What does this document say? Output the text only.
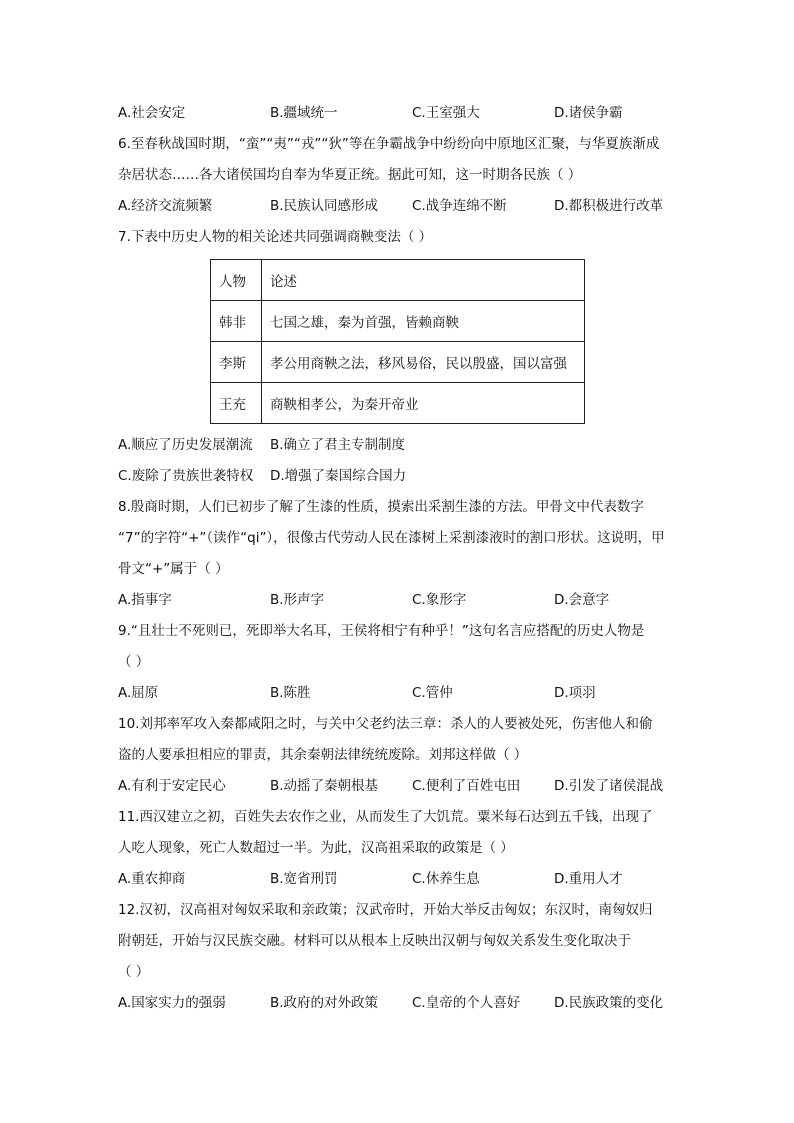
A.社会安定	B.疆域统一	C.王室强大	D.诸侯争霸
6.至春秋战国时期，“蛮”“夷”“戎”“狄”等在争霸战争中纷纷向中原地区汇聚，与华夏族渐成
杂居状态……各大诸侯国均自奉为华夏正统。据此可知，这一时期各民族（ ）
A.经济交流频繁	B.民族认同感形成	C.战争连绵不断	D.都积极进行改革
7.下表中历史人物的相关论述共同强调商鞅变法（ ）
人物	论述
韩非	七国之雄，秦为首强，皆赖商鞅
李斯	孝公用商鞅之法，移风易俗，民以殷盛，国以富强
王充	商鞅相孝公，为秦开帝业
A.顺应了历史发展潮流 B.确立了君主专制制度
C.废除了贵族世袭特权 D.增强了秦国综合国力
8.殷商时期，人们已初步了解了生漆的性质，摸索出采割生漆的方法。甲骨文中代表数字
“7”的字符“+”（读作“qi”），很像古代劳动人民在漆树上采割漆液时的割口形状。这说明，甲
骨文“+”属于（ ）
A.指事字	B.形声字	C.象形字	D.会意字
9.“且壮士不死则已，死即举大名耳，王侯将相宁有种乎！”这句名言应搭配的历史人物是
（ ）
A.屈原	B.陈胜	C.管仲	D.项羽
10.刘邦率军攻入秦都咸阳之时，与关中父老约法三章：杀人的人要被处死，伤害他人和偷
盗的人要承担相应的罪责，其余秦朝法律统统废除。刘邦这样做（ ）
A.有利于安定民心	B.动摇了秦朝根基	C.便利了百姓屯田	D.引发了诸侯混战
11.西汉建立之初，百姓失去农作之业，从而发生了大饥荒。粟米每石达到五千钱，出现了
人吃人现象，死亡人数超过一半。为此，汉高祖采取的政策是（ ）
A.重农抑商	B.宽省刑罚	C.休养生息	D.重用人才
12.汉初，汉高祖对匈奴采取和亲政策；汉武帝时，开始大举反击匈奴；东汉时，南匈奴归
附朝廷，开始与汉民族交融。材料可以从根本上反映出汉朝与匈奴关系发生变化取决于
（ ）
A.国家实力的强弱	B.政府的对外政策	C.皇帝的个人喜好	D.民族政策的变化
